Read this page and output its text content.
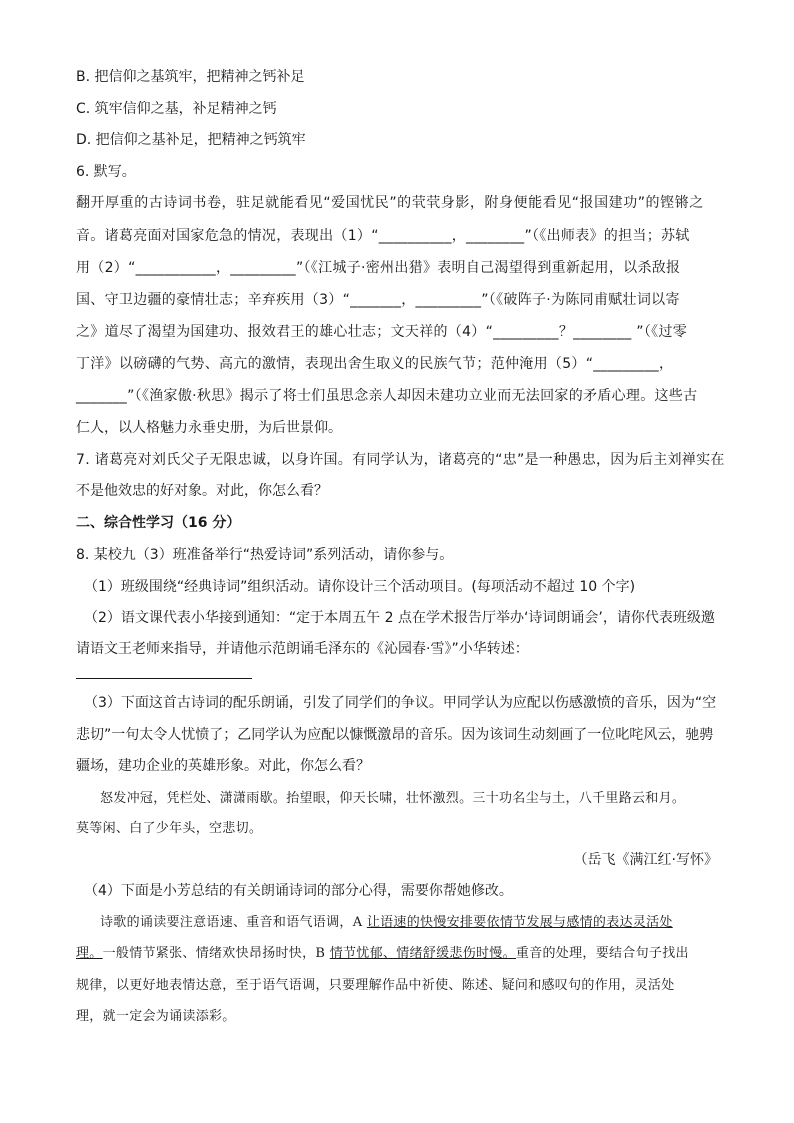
B. 把信仰之基筑牢，把精神之钙补足

C. 筑牢信仰之基，补足精神之钙

D. 把信仰之基补足，把精神之钙筑牢

6. 默写。

翻开厚重的古诗词书卷，驻足就能看见“爱国忧民”的茕茕身影，附身便能看见“报国建功”的铿锵之

音。诸葛亮面对国家危急的情况，表现出（1）“__________，________”（《出师表》的担当；苏轼

用（2）“___________，_________”（《江城子·密州出猎》表明自己渴望得到重新起用，以杀敌报

国、守卫边疆的豪情壮志；辛弃疾用（3）“_______，_________”（《破阵子·为陈同甫赋壮词以寄

之》道尽了渴望为国建功、报效君王的雄心壮志；文天祥的（4）“_________？________ ”（《过零

丁洋》以磅礴的气势、高亢的激情，表现出舍生取义的民族气节；范仲淹用（5）“_________，

_______”（《渔家傲·秋思》揭示了将士们虽思念亲人却因未建功立业而无法回家的矛盾心理。这些古

仁人，以人格魅力永垂史册，为后世景仰。

7. 诸葛亮对刘氏父子无限忠诚，以身许国。有同学认为，诸葛亮的“忠”是一种愚忠，因为后主刘禅实在

不是他效忠的好对象。对此，你怎么看？

二、综合性学习（16 分）

8. 某校九（3）班准备举行“热爱诗词”系列活动，请你参与。

（1）班级围绕“经典诗词”组织活动。请你设计三个活动项目。(每项活动不超过 10 个字)

（2）语文课代表小华接到通知：“定于本周五午 2 点在学术报告厅举办‘诗词朗诵会’，请你代表班级邀

请语文王老师来指导，并请他示范朗诵毛泽东的《沁园春·雪》”小华转述：

（3）下面这首古诗词的配乐朗诵，引发了同学们的争议。甲同学认为应配以伤感激愤的音乐，因为“空

悲切”一句太令人忧愤了；乙同学认为应配以慷慨激昂的音乐。因为该词生动刻画了一位叱咤风云，驰骋

疆场，建功企业的英雄形象。对此，你怎么看？

怒发冲冠，凭栏处、潇潇雨歇。抬望眼，仰天长啸，壮怀激烈。三十功名尘与土，八千里路云和月。

莫等闲、白了少年头，空悲切。

（岳飞《满江红·写怀》

（4）下面是小芳总结的有关朗诵诗词的部分心得，需要你帮她修改。

诗歌的诵读要注意语速、重音和语气语调，A 让语速的快慢安排要依情节发展与感情的表达灵活处

理。一般情节紧张、情绪欢快昂扬时快，B 情节忧郁、情绪舒缓悲伤时慢。重音的处理，要结合句子找出

规律，以更好地表情达意，至于语气语调，只要理解作品中祈使、陈述、疑问和感叹句的作用，灵活处

理，就一定会为诵读添彩。
